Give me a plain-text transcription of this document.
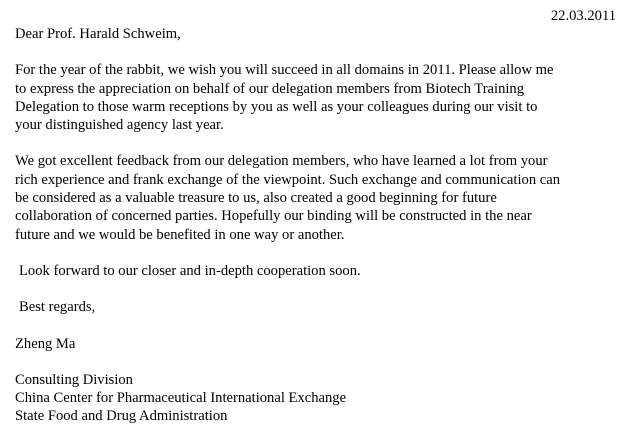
22.03.2011

Dear Prof. Harald Schweim,

For the year of the rabbit, we wish you will succeed in all domains in 2011. Please allow me
to express the appreciation on behalf of our delegation members from Biotech Training
Delegation to those warm receptions by you as well as your colleagues during our visit to
your distinguished agency last year.

We got excellent feedback from our delegation members, who have learned a lot from your
rich experience and frank exchange of the viewpoint. Such exchange and communication can
be considered as a valuable treasure to us, also created a good beginning for future
collaboration of concerned parties. Hopefully our binding will be constructed in the near
future and we would be benefited in one way or another.

Look forward to our closer and in-depth cooperation soon.

Best regards,

Zheng Ma

Consulting Division
China Center for Pharmaceutical International Exchange
State Food and Drug Administration
